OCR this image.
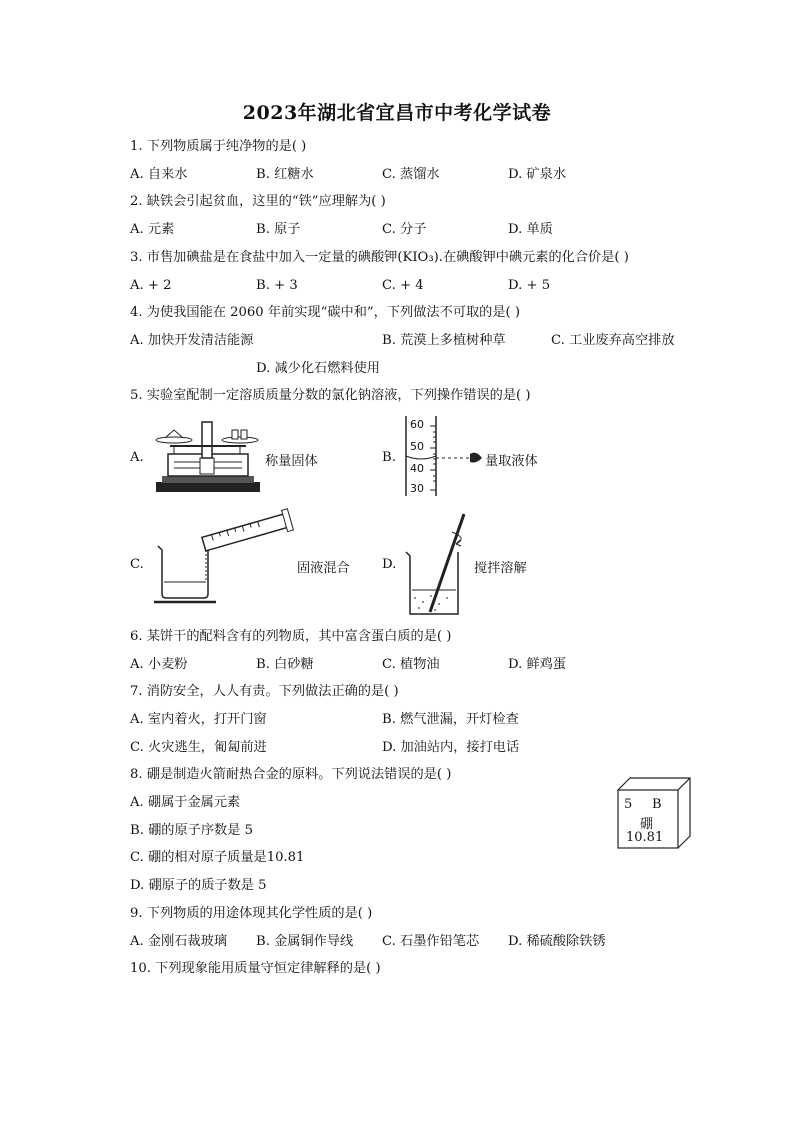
2023年湖北省宜昌市中考化学试卷
1. 下列物质属于纯净物的是( )
A. 自来水	B. 红糖水	C. 蒸馏水	D. 矿泉水
2. 缺铁会引起贫血，这里的“铁”应理解为( )
A. 元素	B. 原子	C. 分子	D. 单质
3. 市售加碘盐是在食盐中加入一定量的碘酸钾(KIO₃).在碘酸钾中碘元素的化合价是( )
A. + 2	B. + 3	C. + 4	D. + 5
4. 为使我国能在 2060 年前实现“碳中和”，下列做法不可取的是( )
A. 加快开发清洁能源	B. 荒漠上多植树种草	C. 工业废弃高空排放
D. 减少化石燃料使用
5. 实验室配制一定溶质质量分数的氯化钠溶液，下列操作错误的是( )
A.	称量固体	B.
60
50
40
30
量取液体
C.	固液混合 D.	搅拌溶解
6. 某饼干的配料含有的列物质，其中富含蛋白质的是( )
A. 小麦粉	B. 白砂糖	C. 植物油	D. 鲜鸡蛋
7. 消防安全，人人有责。下列做法正确的是( )
A. 室内着火，打开门窗	B. 燃气泄漏，开灯检查
C. 火灾逃生，匍匐前进	D. 加油站内，接打电话
8. 硼是制造火箭耐热合金的原料。下列说法错误的是( )
A. 硼属于金属元素
B. 硼的原子序数是 5
C. 硼的相对原子质量是10.81
D. 硼原子的质子数是 5
5 B
硼
10.81
9. 下列物质的用途体现其化学性质的是( )
A. 金刚石裁玻璃 B. 金属铜作导线 C. 石墨作铅笔芯 D. 稀硫酸除铁锈
10. 下列现象能用质量守恒定律解释的是( )
